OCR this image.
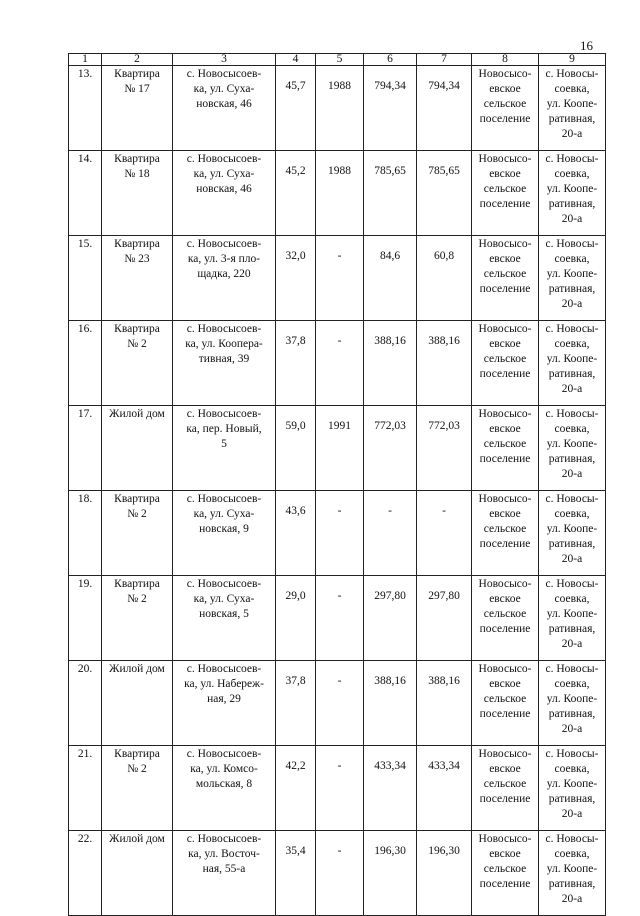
16
1	2	3	4	5	6	7	8	9
13.	Квартира
№ 17	с. Новосысоев-
ка, ул. Суха-
новская, 46	45,7	1988	794,34	794,34	Новосысо-
евское
сельское
поселение	с. Новосы-
соевка,
ул. Коопе-
ративная,
20-а
14.	Квартира
№ 18	с. Новосысоев-
ка, ул. Суха-
новская, 46	45,2	1988	785,65	785,65	Новосысо-
евское
сельское
поселение	с. Новосы-
соевка,
ул. Коопе-
ративная,
20-а
15.	Квартира
№ 23	с. Новосысоев-
ка, ул. 3-я пло-
щадка, 220	32,0	-	84,6	60,8	Новосысо-
евское
сельское
поселение	с. Новосы-
соевка,
ул. Коопе-
ративная,
20-а
16.	Квартира
№ 2	с. Новосысоев-
ка, ул. Коопера-
тивная, 39	37,8	-	388,16	388,16	Новосысо-
евское
сельское
поселение	с. Новосы-
соевка,
ул. Коопе-
ративная,
20-а
17.	Жилой дом	с. Новосысоев-
ка, пер. Новый,
5	59,0	1991	772,03	772,03	Новосысо-
евское
сельское
поселение	с. Новосы-
соевка,
ул. Коопе-
ративная,
20-а
18.	Квартира
№ 2	с. Новосысоев-
ка, ул. Суха-
новская, 9	43,6	-	-	-	Новосысо-
евское
сельское
поселение	с. Новосы-
соевка,
ул. Коопе-
ративная,
20-а
19.	Квартира
№ 2	с. Новосысоев-
ка, ул. Суха-
новская, 5	29,0	-	297,80	297,80	Новосысо-
евское
сельское
поселение	с. Новосы-
соевка,
ул. Коопе-
ративная,
20-а
20.	Жилой дом	с. Новосысоев-
ка, ул. Набереж-
ная, 29	37,8	-	388,16	388,16	Новосысо-
евское
сельское
поселение	с. Новосы-
соевка,
ул. Коопе-
ративная,
20-а
21.	Квартира
№ 2	с. Новосысоев-
ка, ул. Комсо-
мольская, 8	42,2	-	433,34	433,34	Новосысо-
евское
сельское
поселение	с. Новосы-
соевка,
ул. Коопе-
ративная,
20-а
22.	Жилой дом	с. Новосысоев-
ка, ул. Восточ-
ная, 55-а	35,4	-	196,30	196,30	Новосысо-
евское
сельское
поселение	с. Новосы-
соевка,
ул. Коопе-
ративная,
20-а
